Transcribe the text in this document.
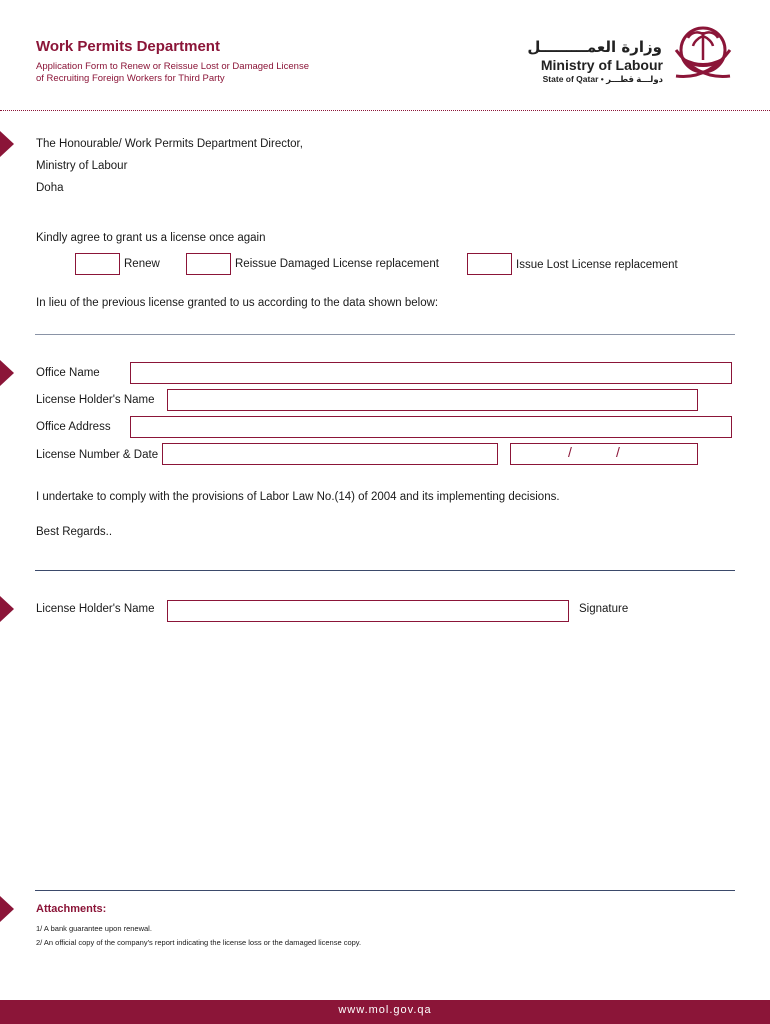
Work Permits Department
Application Form to Renew or Reissue Lost or Damaged License
of Recruiting Foreign Workers for Third Party
وزارة العمـــــــــل
Ministry of Labour
State of Qatar • دولـــة قطـــر
The Honourable/ Work Permits Department Director,
Ministry of Labour
Doha
Kindly agree to grant us a license once again
Renew	Reissue Damaged License replacement	Issue Lost License replacement
In lieu of the previous license granted to us according to the data shown below:
Office Name
License Holder's Name
Office Address
License Number & Date	/	/
I undertake to comply with the provisions of Labor Law No.(14) of 2004 and its implementing decisions.
Best Regards..
License Holder's Name	Signature
Attachments:
1/ A bank guarantee upon renewal.
2/ An official copy of the company's report indicating the license loss or the damaged license copy.
www.mol.gov.qa
